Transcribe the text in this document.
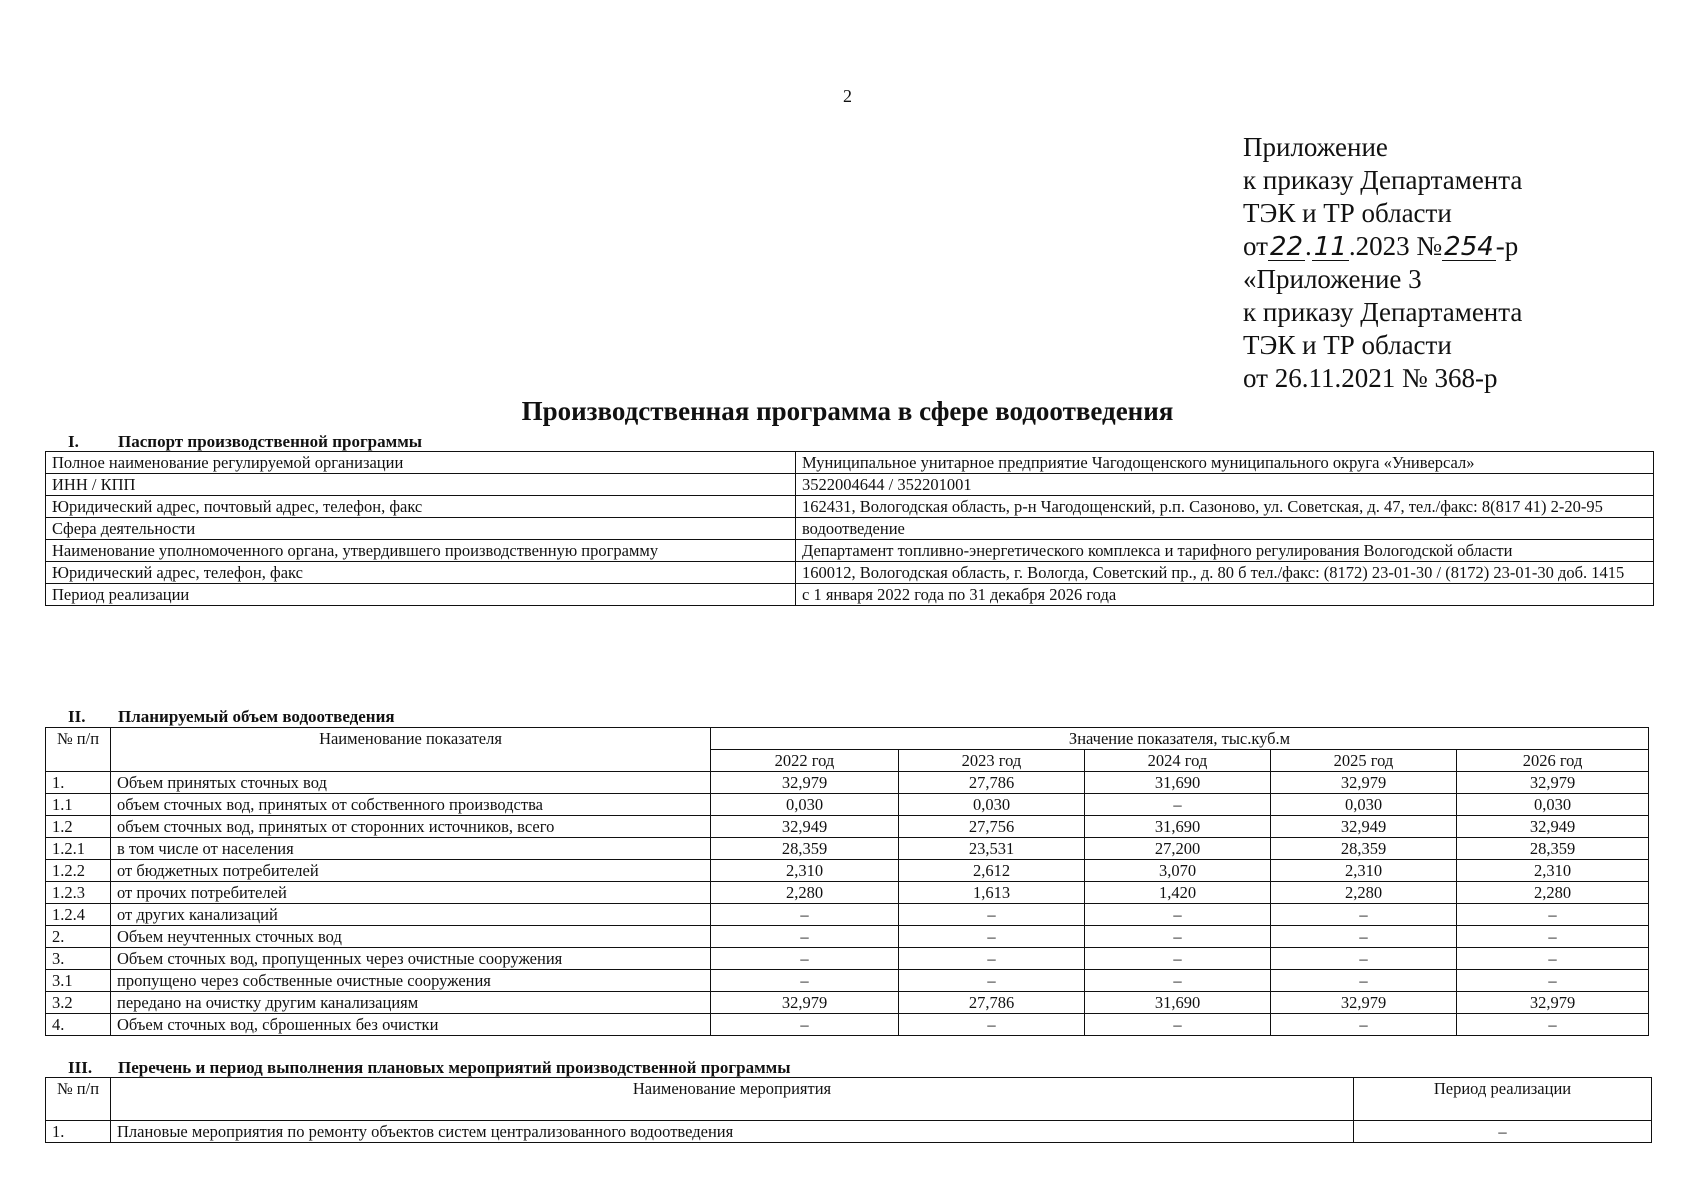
2
Приложение
к приказу Департамента
ТЭК и ТР области
от22.11.2023 №254-р
«Приложение 3
к приказу Департамента
ТЭК и ТР области
от 26.11.2021 № 368-р
Производственная программа в сфере водоотведения
I. Паспорт производственной программы
Полное наименование регулируемой организации	Муниципальное унитарное предприятие Чагодощенского муниципального округа «Универсал»
ИНН / КПП	3522004644 / 352201001
Юридический адрес, почтовый адрес, телефон, факс	162431, Вологодская область, р-н Чагодощенский, р.п. Сазоново, ул. Советская, д. 47, тел./факс: 8(817 41) 2-20-95
Сфера деятельности	водоотведение
Наименование уполномоченного органа, утвердившего производственную программу	Департамент топливно-энергетического комплекса и тарифного регулирования Вологодской области
Юридический адрес, телефон, факс	160012, Вологодская область, г. Вологда, Советский пр., д. 80 б тел./факс: (8172) 23-01-30 / (8172) 23-01-30 доб. 1415
Период реализации	с 1 января 2022 года по 31 декабря 2026 года
II. Планируемый объем водоотведения
№ п/п	Наименование показателя	Значение показателя, тыс.куб.м				
		2022 год	2023 год	2024 год	2025 год	2026 год
1.	Объем принятых сточных вод	32,979	27,786	31,690	32,979	32,979
1.1	объем сточных вод, принятых от собственного производства	0,030	0,030	–	0,030	0,030
1.2	объем сточных вод, принятых от сторонних источников, всего	32,949	27,756	31,690	32,949	32,949
1.2.1	в том числе от населения	28,359	23,531	27,200	28,359	28,359
1.2.2	от бюджетных потребителей	2,310	2,612	3,070	2,310	2,310
1.2.3	от прочих потребителей	2,280	1,613	1,420	2,280	2,280
1.2.4	от других канализаций	–	–	–	–	–
2.	Объем неучтенных сточных вод	–	–	–	–	–
3.	Объем сточных вод, пропущенных через очистные сооружения	–	–	–	–	–
3.1	пропущено через собственные очистные сооружения	–	–	–	–	–
3.2	передано на очистку другим канализациям	32,979	27,786	31,690	32,979	32,979
4.	Объем сточных вод, сброшенных без очистки	–	–	–	–	–
III. Перечень и период выполнения плановых мероприятий производственной программы
№ п/п	Наименование мероприятия	Период реализации
1.	Плановые мероприятия по ремонту объектов систем централизованного водоотведения	–
